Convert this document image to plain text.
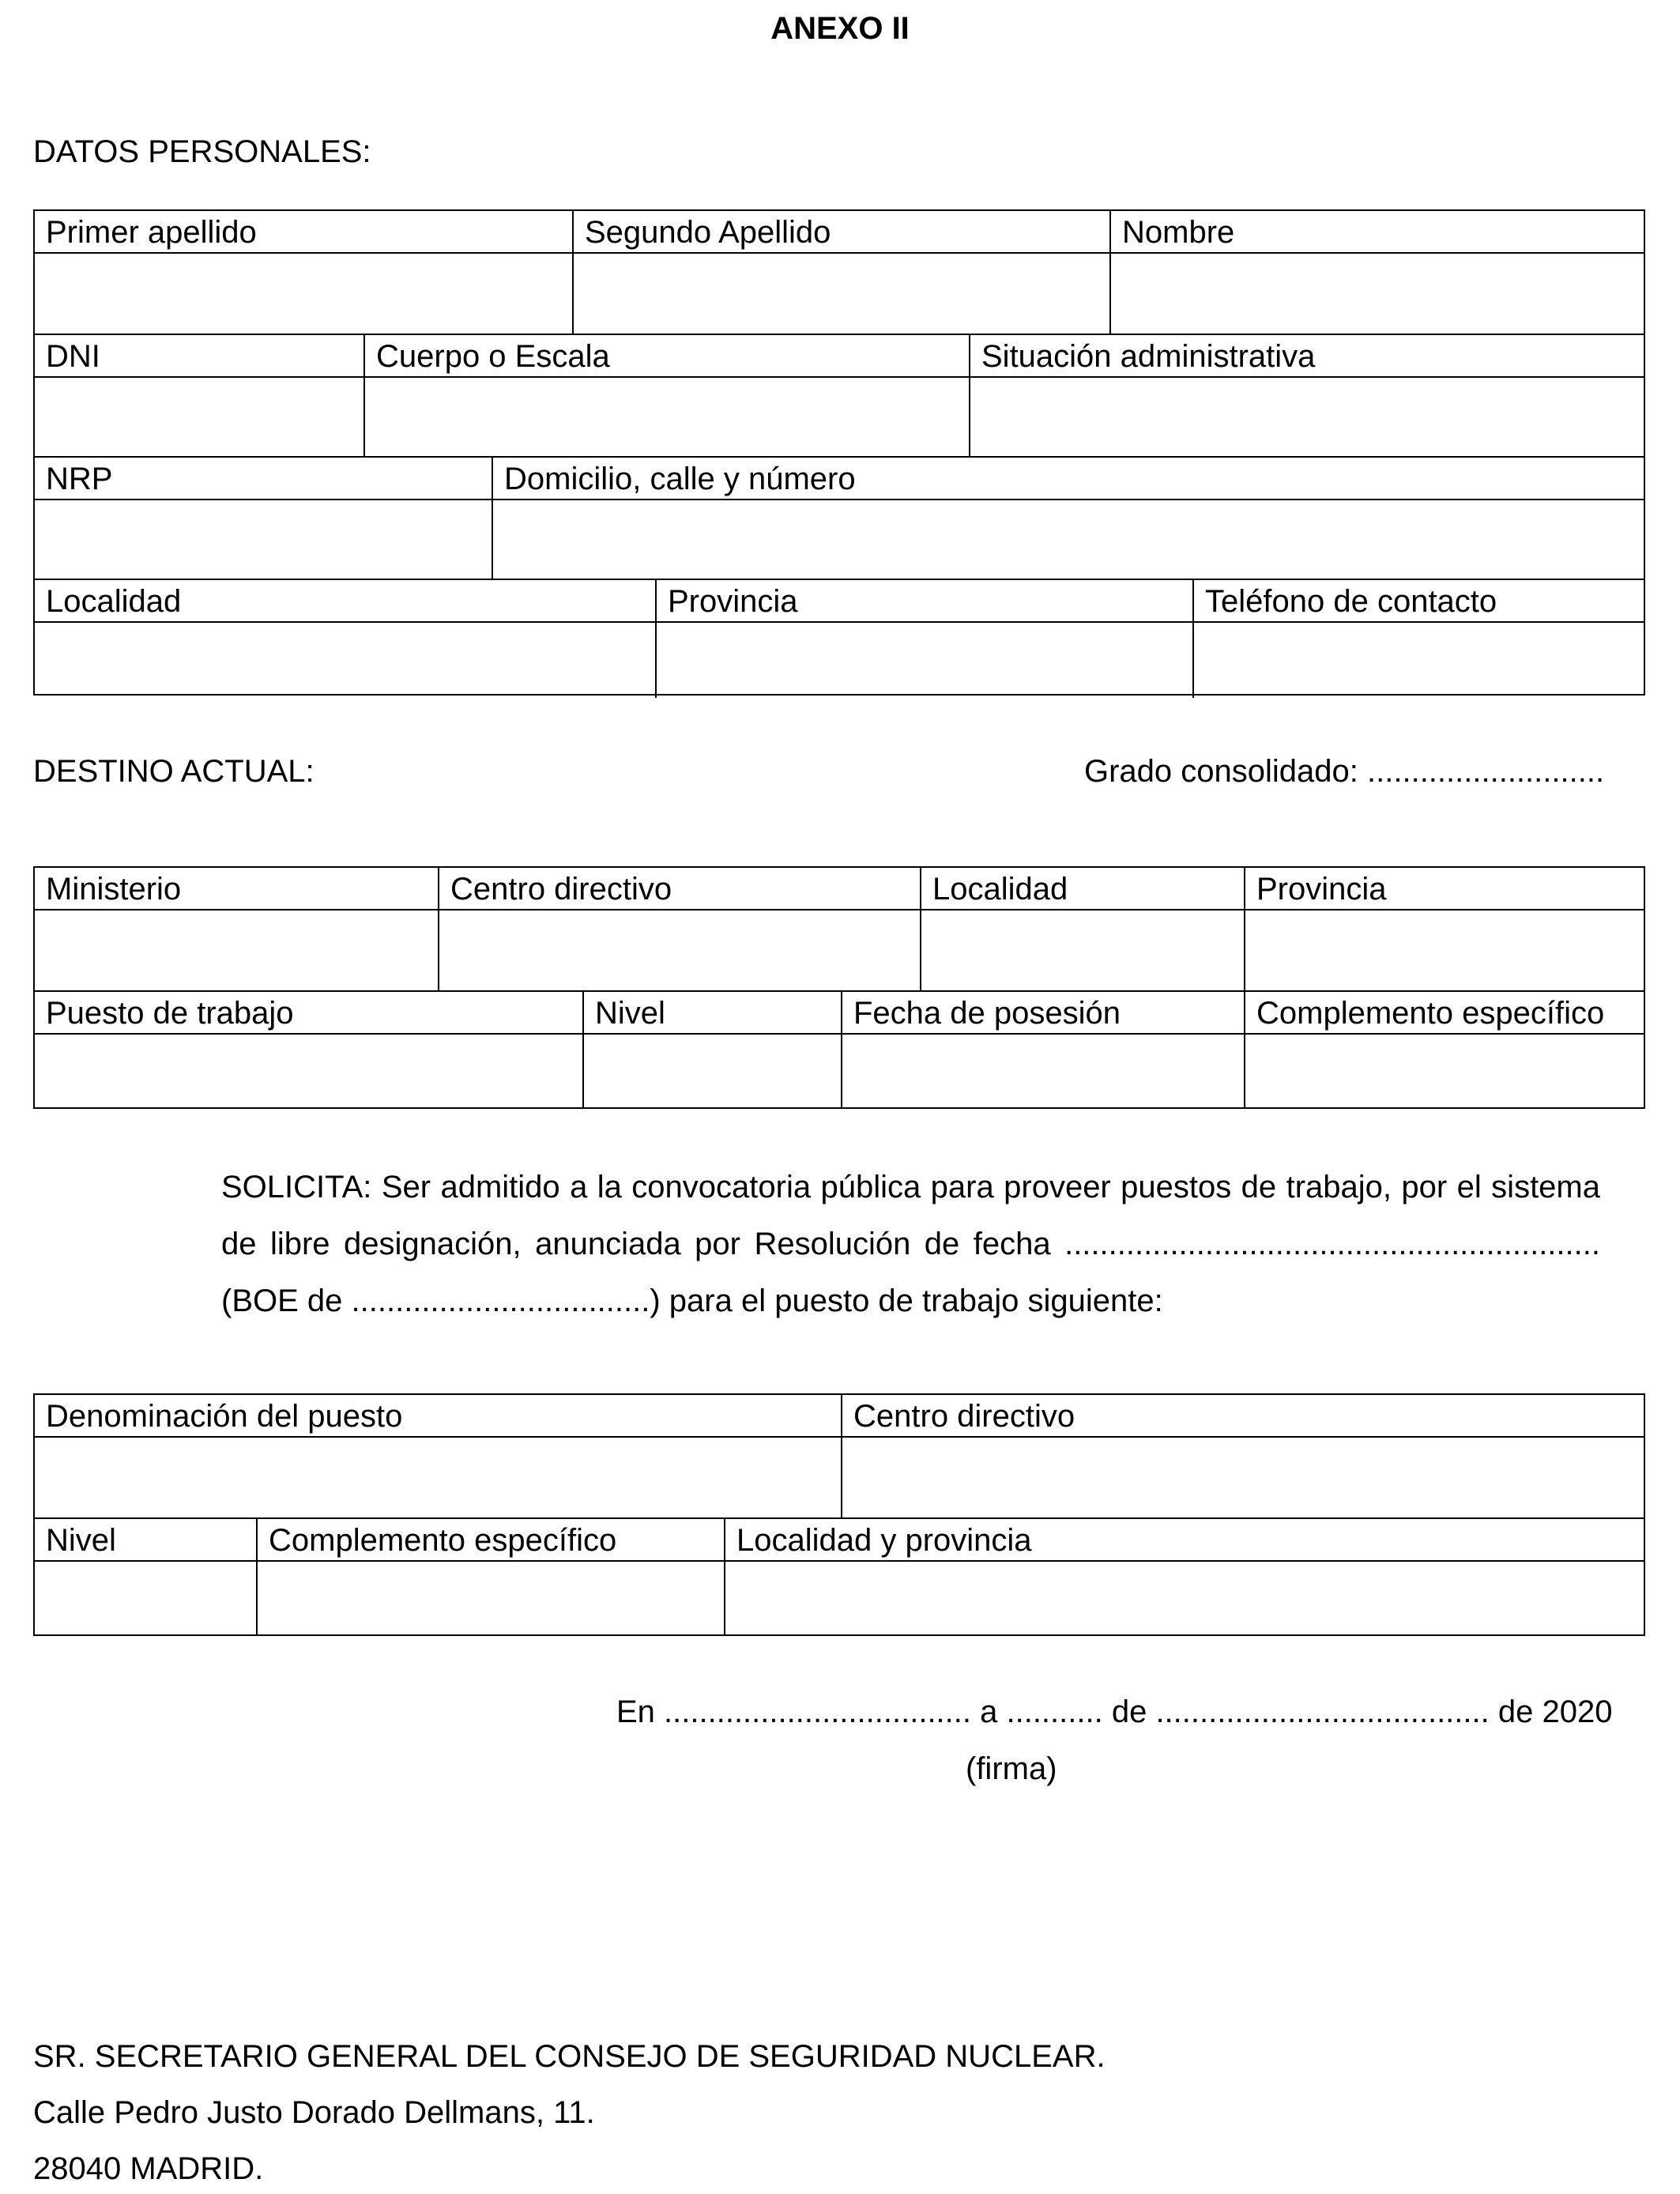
ANEXO II
DATOS PERSONALES:
Primer apellido	Segundo Apellido	Nombre
DNI	Cuerpo o Escala	Situación administrativa
NRP	Domicilio, calle y número
Localidad	Provincia	Teléfono de contacto
DESTINO ACTUAL:	Grado consolidado: ...........................
Ministerio	Centro directivo	Localidad	Provincia
Puesto de trabajo	Nivel	Fecha de posesión	Complemento específico

SOLICITA: Ser admitido a la convocatoria pública para proveer puestos de trabajo, por el sistema

de libre designación, anunciada por Resolución de fecha .............................................................

(BOE de ..................................) para el puesto de trabajo siguiente:

Denominación del puesto	Centro directivo
Nivel	Complemento específico	Localidad y provincia
En ................................... a ........... de ...................................... de 2020
(firma)
SR. SECRETARIO GENERAL DEL CONSEJO DE SEGURIDAD NUCLEAR.
Calle Pedro Justo Dorado Dellmans, 11.
28040 MADRID.
